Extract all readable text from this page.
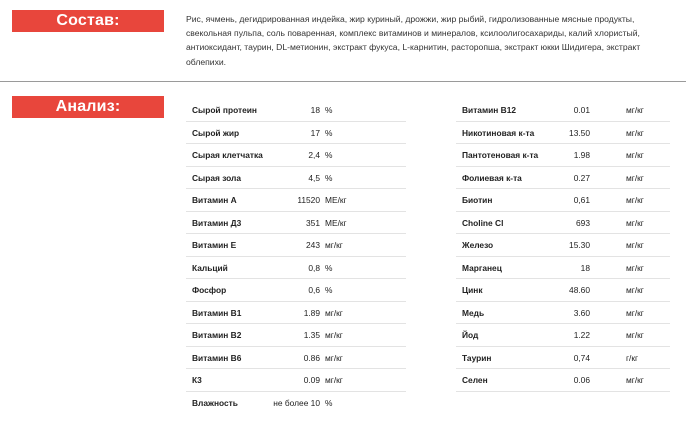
Состав:	Рис, ячмень, дегидрированная индейка, жир куриный, дрожжи, жир рыбий, гидролизованные мясные продукты, свекольная пульпа, соль поваренная, комплекс витаминов и минералов, ксилоолигосахариды, калий хлористый, антиоксидант, таурин, DL-метионин, экстракт фукуса, L-карнитин, расторопша, экстракт юкки Шидигера, экстракт облепихи.
Анализ:	Сырой протеин	18 %
Сырой жир	17 %
Сырая клетчатка	2,4 %
Сырая зола	4,5 %
Витамин А	11520 МЕ/кг
Витамин Д3	351 МЕ/кг
Витамин Е	243 мг/кг
Кальций	0,8 %
Фосфор	0,6 %
Витамин В1	1.89 мг/кг
Витамин В2	1.35 мг/кг
Витамин В6	0.86 мг/кг
К3	0.09 мг/кг
Влажность	не более 10 %
Витамин В12	0.01	мг/кг
Никотиновая к-та	13.50	мг/кг
Пантотеновая к-та	1.98	мг/кг
Фолиевая к-та	0.27	мг/кг
Биотин	0,61	мг/кг
Choline Cl	693	мг/кг
Железо	15.30	мг/кг
Марганец	18	мг/кг
Цинк	48.60	мг/кг
Медь	3.60	мг/кг
Йод	1.22	мг/кг
Таурин	0,74	г/кг
Селен	0.06	мг/кг
